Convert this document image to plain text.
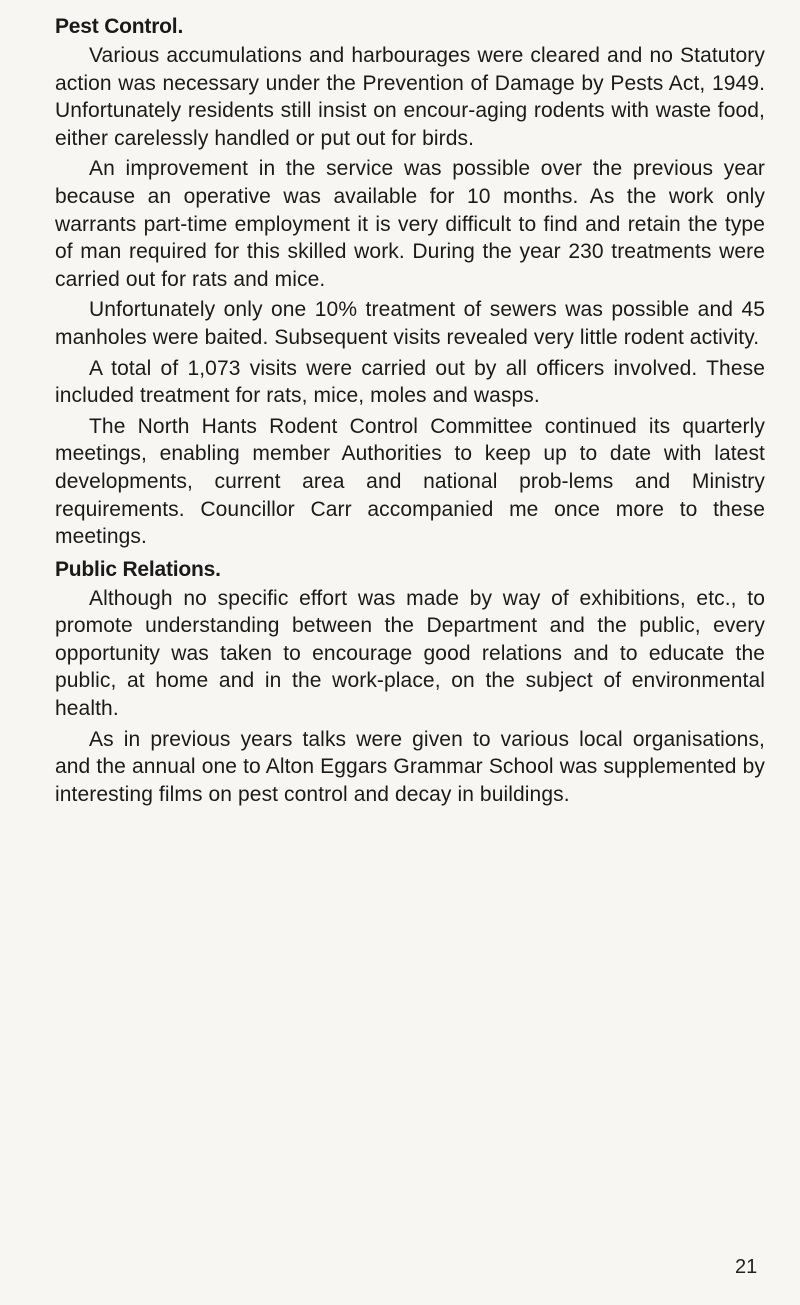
Pest Control.

Various accumulations and harbourages were cleared and no Statutory action was necessary under the Prevention of Damage by Pests Act, 1949. Unfortunately residents still insist on encour-aging rodents with waste food, either carelessly handled or put out for birds.

An improvement in the service was possible over the previous year because an operative was available for 10 months. As the work only warrants part-time employment it is very difficult to find and retain the type of man required for this skilled work. During the year 230 treatments were carried out for rats and mice.

Unfortunately only one 10% treatment of sewers was possible and 45 manholes were baited. Subsequent visits revealed very little rodent activity.

A total of 1,073 visits were carried out by all officers involved. These included treatment for rats, mice, moles and wasps.

The North Hants Rodent Control Committee continued its quarterly meetings, enabling member Authorities to keep up to date with latest developments, current area and national prob-lems and Ministry requirements. Councillor Carr accompanied me once more to these meetings.

Public Relations.

Although no specific effort was made by way of exhibitions, etc., to promote understanding between the Department and the public, every opportunity was taken to encourage good relations and to educate the public, at home and in the work-place, on the subject of environmental health.

As in previous years talks were given to various local organisations, and the annual one to Alton Eggars Grammar School was supplemented by interesting films on pest control and decay in buildings.

21
